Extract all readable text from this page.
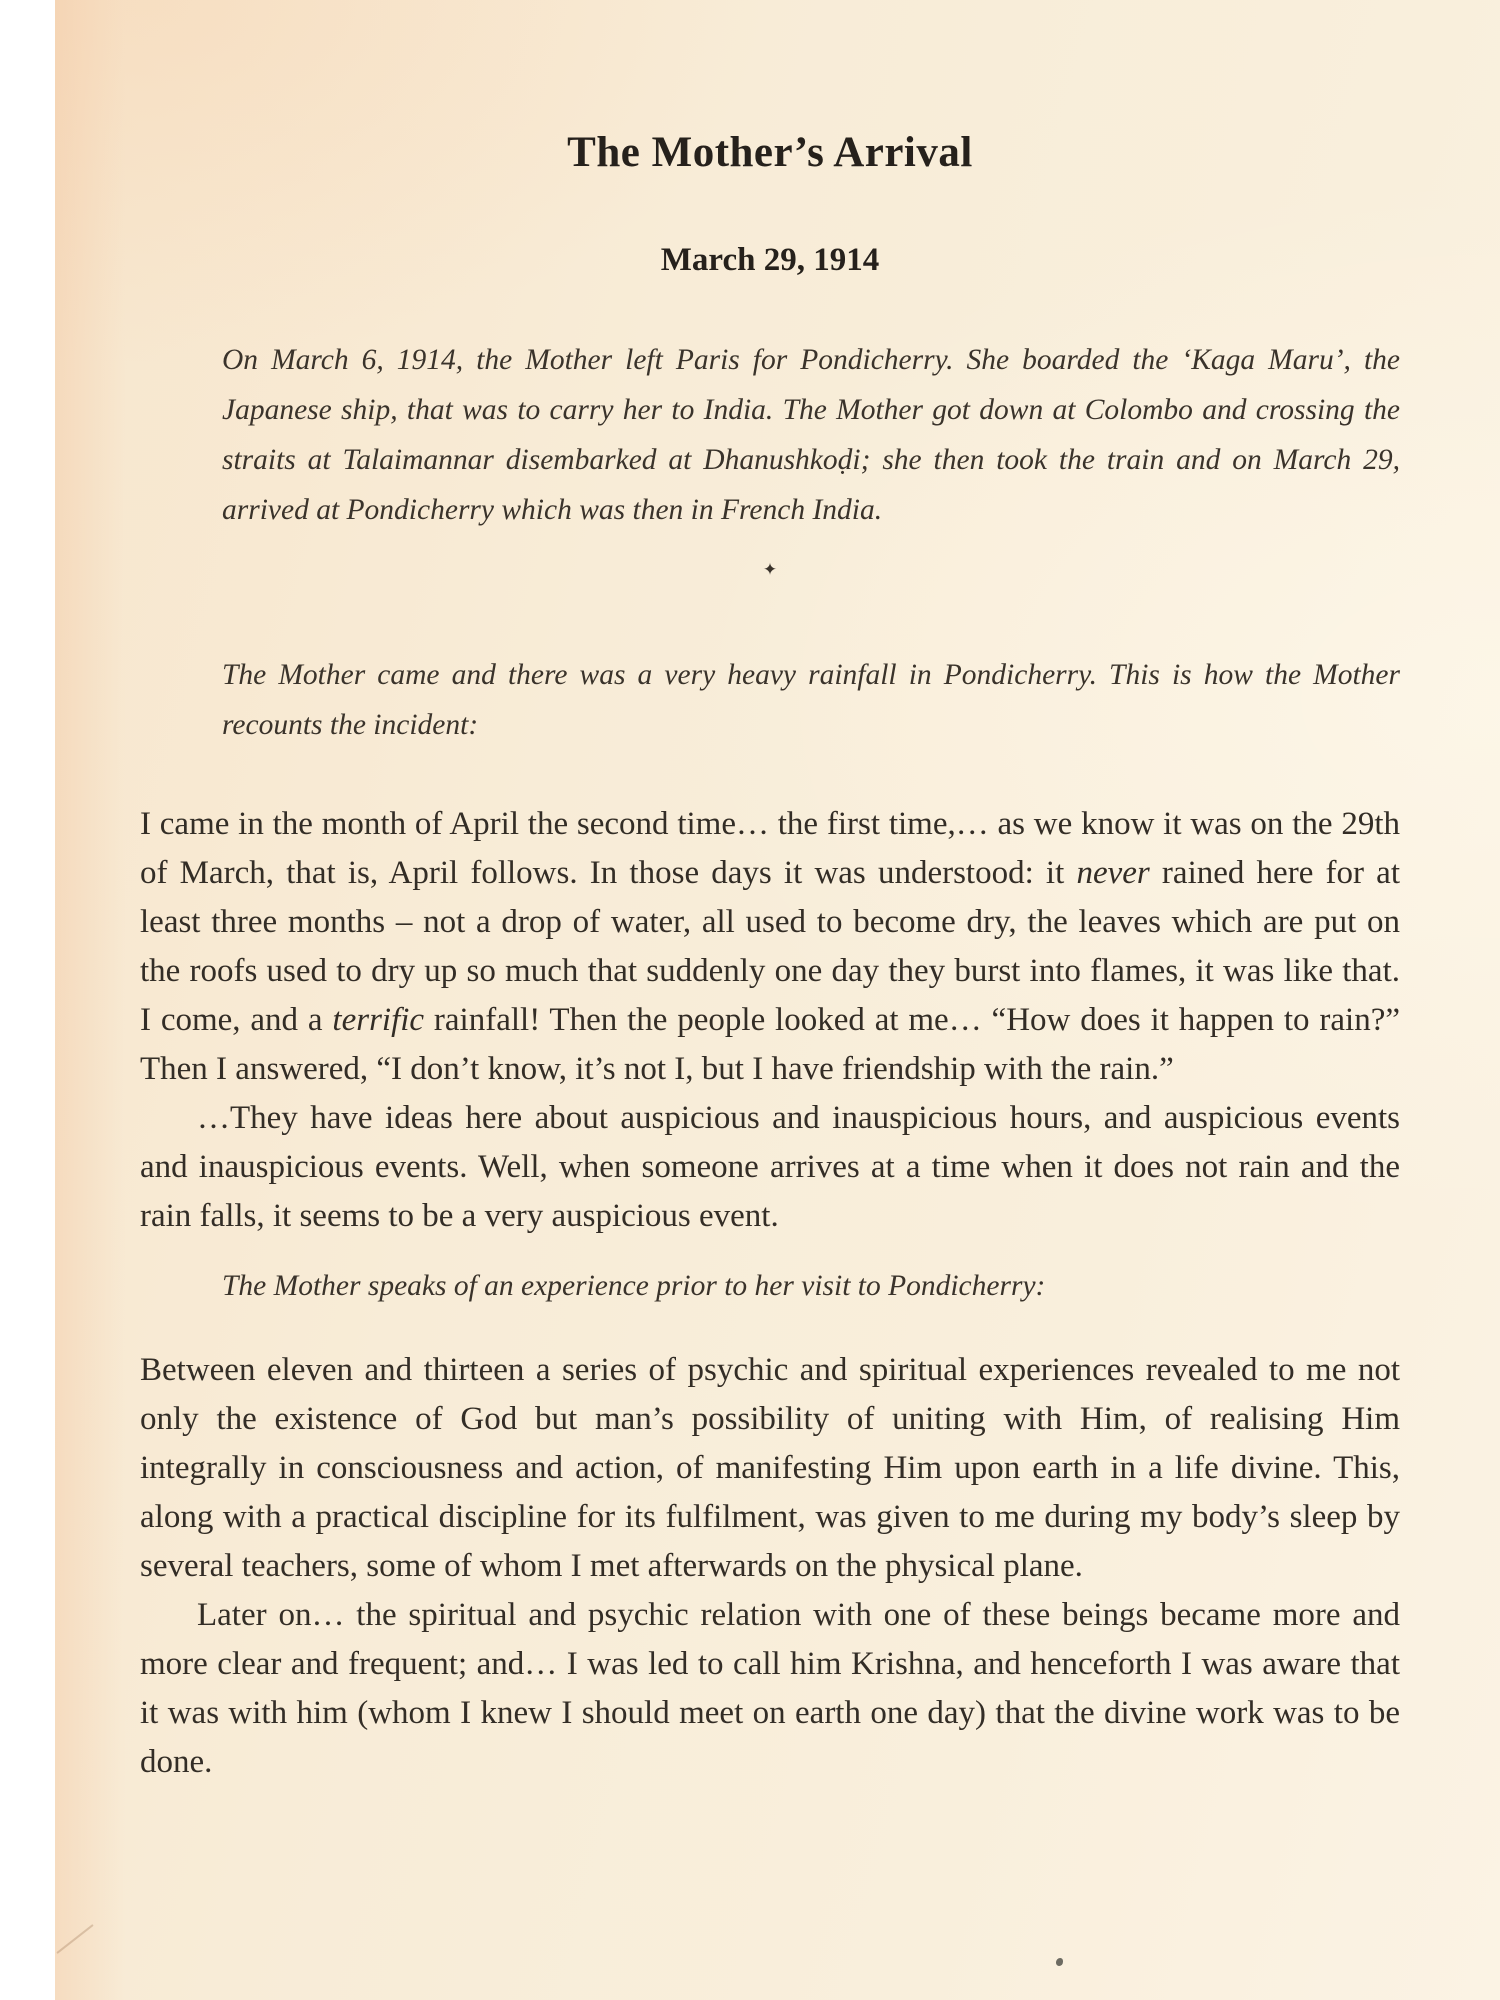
The Mother’s Arrival
March 29, 1914

On March 6, 1914, the Mother left Paris for Pondicherry. She boarded the ‘Kaga Maru’, the Japanese ship, that was to carry her to India. The Mother got down at Colombo and crossing the straits at Talaimannar disembarked at Dhanushkoḍi; she then took the train and on March 29, arrived at Pondicherry which was then in French India.

✦

The Mother came and there was a very heavy rainfall in Pondicherry. This is how the Mother recounts the incident:

I came in the month of April the second time… the first time,… as we know it was on the 29th of March, that is, April follows. In those days it was understood: it never rained here for at least three months – not a drop of water, all used to become dry, the leaves which are put on the roofs used to dry up so much that suddenly one day they burst into flames, it was like that. I come, and a terrific rainfall! Then the people looked at me… “How does it happen to rain?” Then I answered, “I don’t know, it’s not I, but I have friendship with the rain.”

…They have ideas here about auspicious and inauspicious hours, and auspicious events and inauspicious events. Well, when someone arrives at a time when it does not rain and the rain falls, it seems to be a very auspicious event.

The Mother speaks of an experience prior to her visit to Pondicherry:

Between eleven and thirteen a series of psychic and spiritual experiences revealed to me not only the existence of God but man’s possibility of uniting with Him, of realising Him integrally in consciousness and action, of manifesting Him upon earth in a life divine. This, along with a practical discipline for its fulfilment, was given to me during my body’s sleep by several teachers, some of whom I met afterwards on the physical plane.

Later on… the spiritual and psychic relation with one of these beings became more and more clear and frequent; and… I was led to call him Krishna, and henceforth I was aware that it was with him (whom I knew I should meet on earth one day) that the divine work was to be done.
